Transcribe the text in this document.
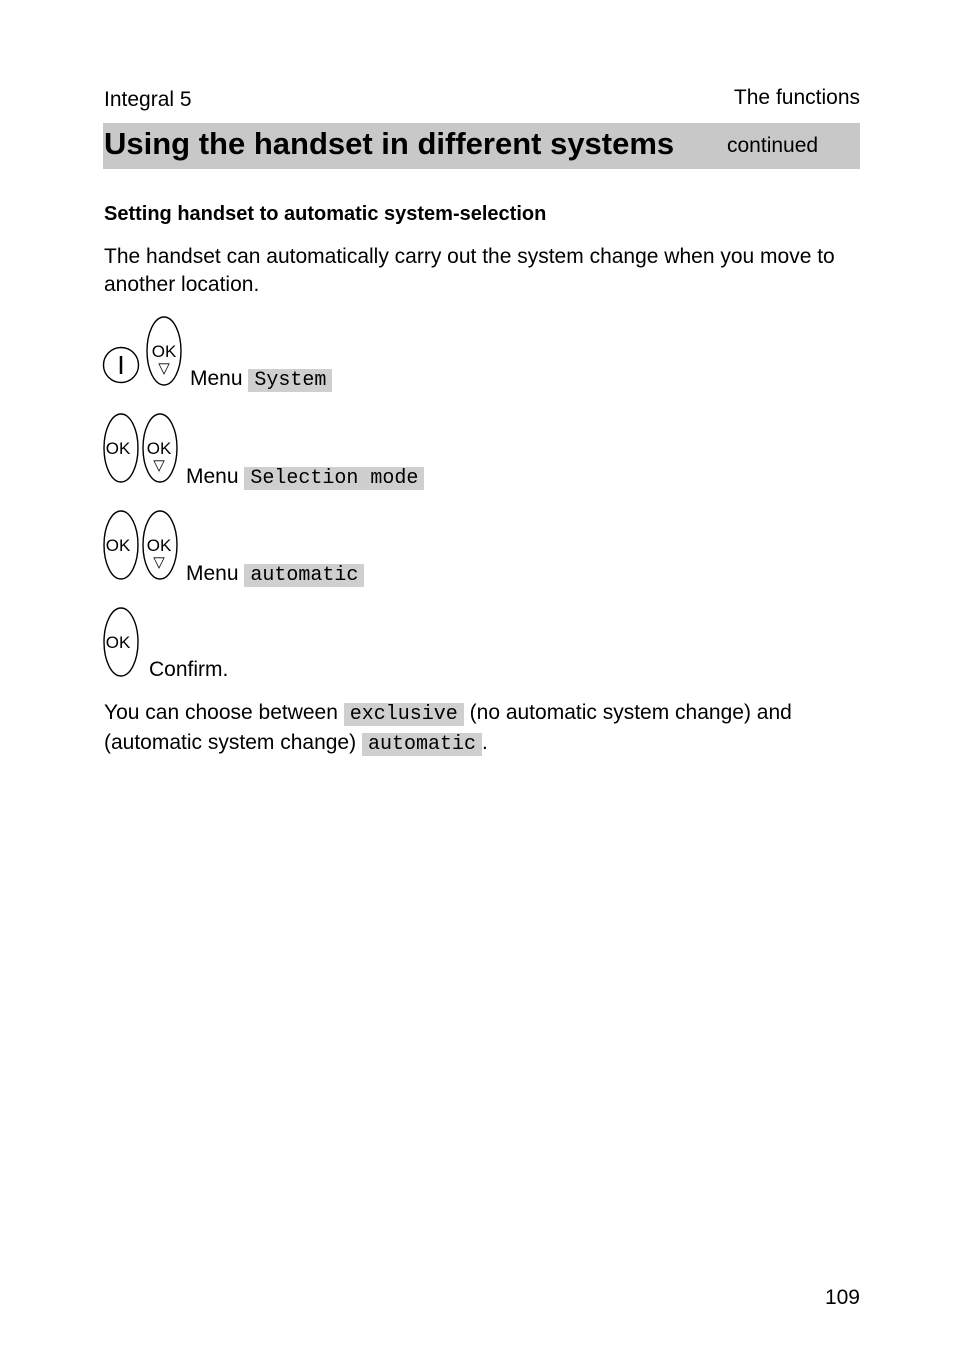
Integral 5	The functions
Using the handset in different systems	continued
Setting handset to automatic system-selection
The handset can automatically carry out the system change when you move to another location.
OK
▽ Menu System
OK OK
▽ Menu Selection mode
OK OK
▽ Menu automatic
OK
Confirm.
You can choose between exclusive (no automatic system change) and (automatic system change) automatic .
109
